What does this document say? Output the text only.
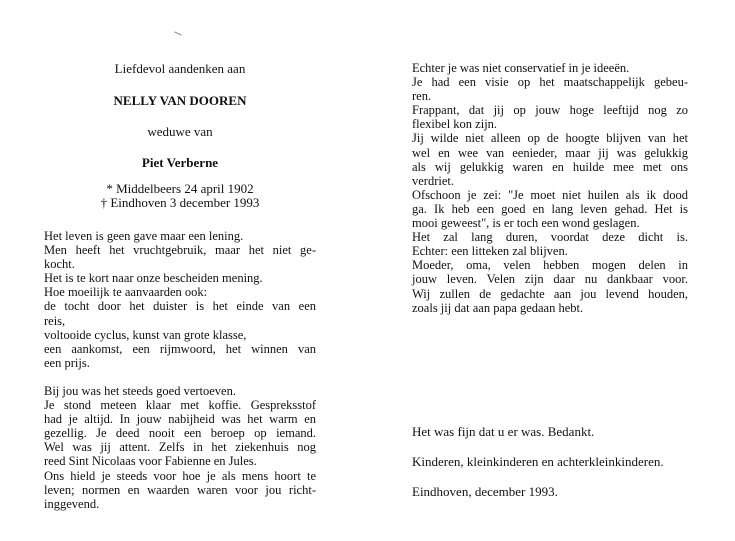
Liefdevol aandenken aan

NELLY VAN DOOREN

weduwe van

Piet Verberne

* Middelbeers 24 april 1902

† Eindhoven 3 december 1993

Het leven is geen gave maar een lening.

Men heeft het vruchtgebruik, maar het niet ge-

kocht.

Het is te kort naar onze bescheiden mening.

Hoe moeilijk te aanvaarden ook:

de tocht door het duister is het einde van een

reis,

voltooide cyclus, kunst van grote klasse,

een aankomst, een rijmwoord, het winnen van

een prijs.

Bij jou was het steeds goed vertoeven.

Je stond meteen klaar met koffie. Gespreksstof

had je altijd. In jouw nabijheid was het warm en

gezellig. Je deed nooit een beroep op iemand.

Wel was jij attent. Zelfs in het ziekenhuis nog

reed Sint Nicolaas voor Fabienne en Jules.

Ons hield je steeds voor hoe je als mens hoort te

leven; normen en waarden waren voor jou richt-

inggevend.

Echter je was niet conservatief in je ideeën.

Je had een visie op het maatschappelijk gebeu-

ren.

Frappant, dat jij op jouw hoge leeftijd nog zo

flexibel kon zijn.

Jij wilde niet alleen op de hoogte blijven van het

wel en wee van eenieder, maar jij was gelukkig

als wij gelukkig waren en huilde mee met ons

verdriet.

Ofschoon je zei: "Je moet niet huilen als ik dood

ga. Ik heb een goed en lang leven gehad. Het is

mooi geweest", is er toch een wond geslagen.

Het zal lang duren, voordat deze dicht is.

Echter: een litteken zal blijven.

Moeder, oma, velen hebben mogen delen in

jouw leven. Velen zijn daar nu dankbaar voor.

Wij zullen de gedachte aan jou levend houden,

zoals jij dat aan papa gedaan hebt.

Het was fijn dat u er was. Bedankt.

Kinderen, kleinkinderen en achterkleinkinderen.

Eindhoven, december 1993.
